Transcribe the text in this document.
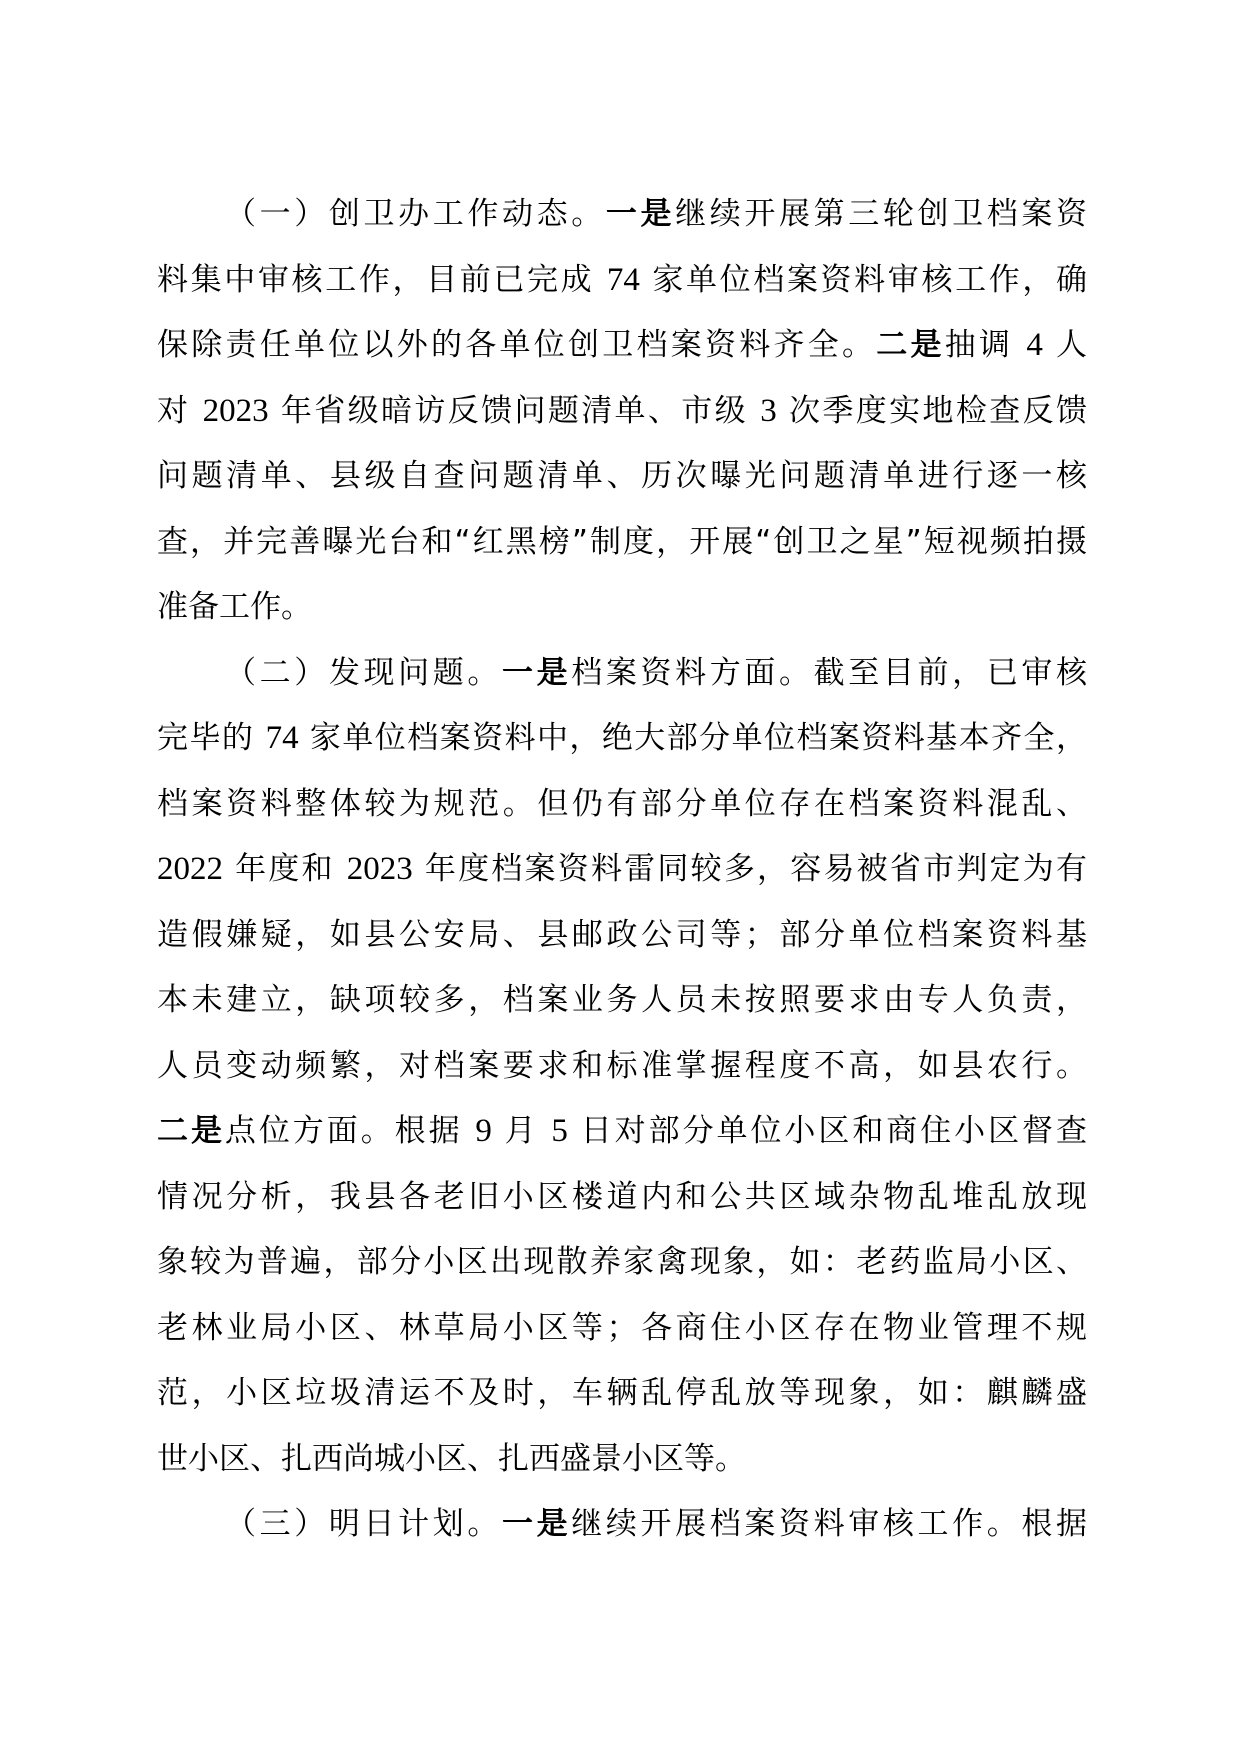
（一）创卫办工作动态。一是继续开展第三轮创卫档案资
料集中审核工作，目前已完成 74 家单位档案资料审核工作，确
保除责任单位以外的各单位创卫档案资料齐全。二是抽调 4 人
对 2023 年省级暗访反馈问题清单、市级 3 次季度实地检查反馈
问题清单、县级自查问题清单、历次曝光问题清单进行逐一核
查，并完善曝光台和“红黑榜”制度，开展“创卫之星”短视频拍摄
准备工作。
（二）发现问题。一是档案资料方面。截至目前，已审核
完毕的 74 家单位档案资料中，绝大部分单位档案资料基本齐全，
档案资料整体较为规范。但仍有部分单位存在档案资料混乱、
2022 年度和 2023 年度档案资料雷同较多，容易被省市判定为有
造假嫌疑，如县公安局、县邮政公司等；部分单位档案资料基
本未建立，缺项较多，档案业务人员未按照要求由专人负责，
人员变动频繁，对档案要求和标准掌握程度不高，如县农行。
二是点位方面。根据 9 月 5 日对部分单位小区和商住小区督查
情况分析，我县各老旧小区楼道内和公共区域杂物乱堆乱放现
象较为普遍，部分小区出现散养家禽现象，如：老药监局小区、
老林业局小区、林草局小区等；各商住小区存在物业管理不规
范，小区垃圾清运不及时，车辆乱停乱放等现象，如：麒麟盛
世小区、扎西尚城小区、扎西盛景小区等。
（三）明日计划。一是继续开展档案资料审核工作。根据
